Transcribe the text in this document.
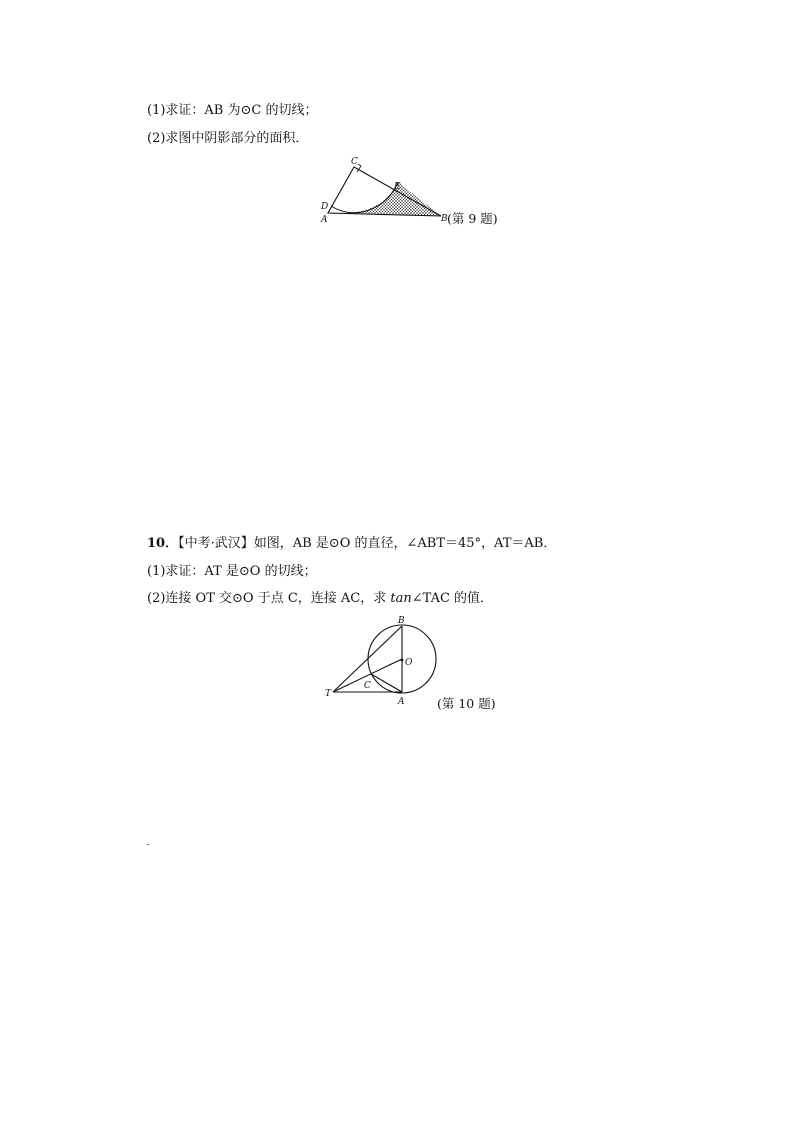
(1)求证：AB 为⊙C 的切线；
(2)求图中阴影部分的面积．
C
E
D
A	B (第 9 题)
10．【中考·武汉】如图，AB 是⊙O 的直径，∠ABT＝45°，AT＝AB．
(1)求证：AT 是⊙O 的切线；
(2)连接 OT 交⊙O 于点 C，连接 AC，求 tan∠TAC 的值．
B
O
T
C
A	(第 10 题)
